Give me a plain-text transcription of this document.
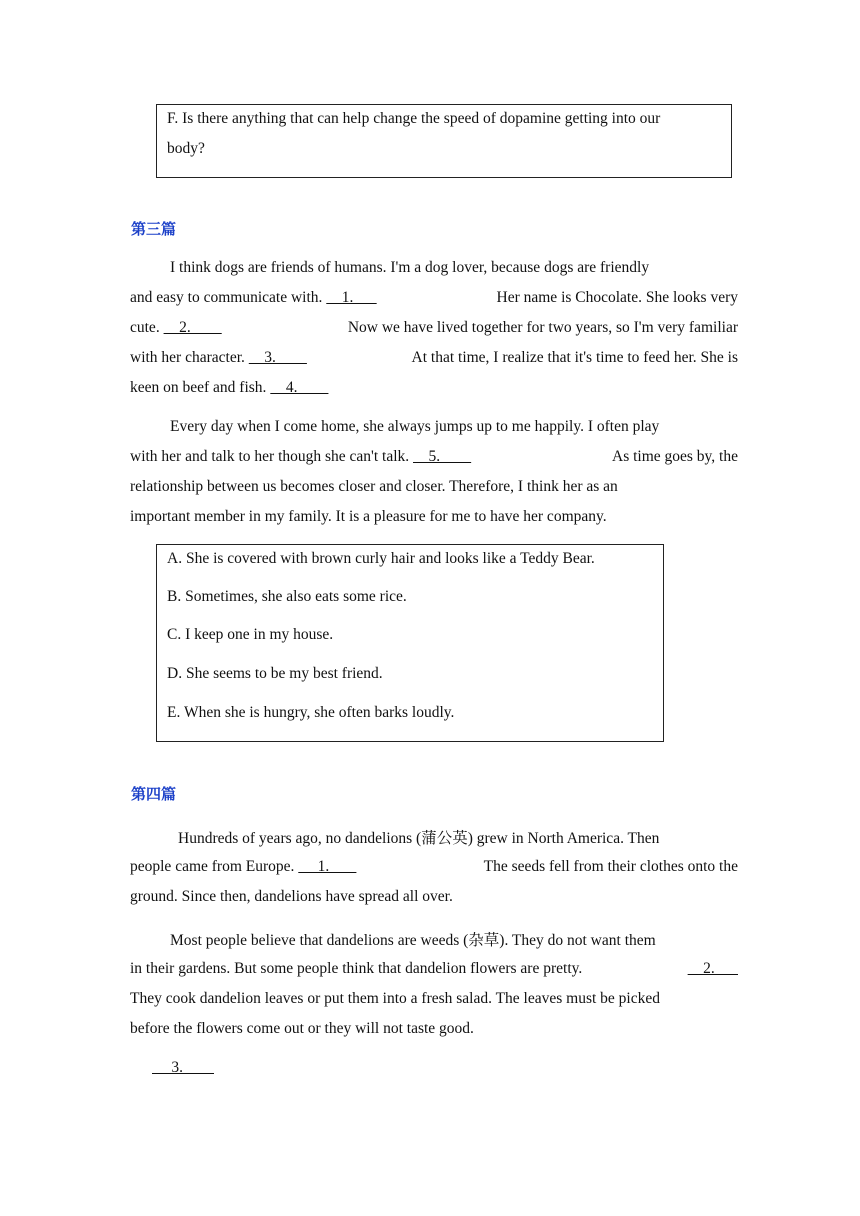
F. Is there anything that can help change the speed of dopamine getting into our
body?
第三篇
I think dogs are friends of humans. I'm a dog lover, because dogs are friendly
and easy to communicate with.     1.	Her name is Chocolate. She looks very
cute.     2.	Now we have lived together for two years, so I'm very familiar
with her character.     3.	At that time, I realize that it's time to feed her. She is
keen on beef and fish.
4.
Every day when I come home, she always jumps up to me happily. I often play
with her and talk to her though she can't talk.     5.	As time goes by, the
relationship between us becomes closer and closer. Therefore, I think her as an
important member in my family. It is a pleasure for me to have her company.
A. She is covered with brown curly hair and looks like a Teddy Bear.
B. Sometimes, she also eats some rice.
C. I keep one in my house.
D. She seems to be my best friend.
E. When she is hungry, she often barks loudly.
第四篇
Hundreds of years ago, no dandelions (蒲公英) grew in North America. Then
people came from Europe.      1.	The seeds fell from their clothes onto the
ground. Since then, dandelions have spread all over.
Most people believe that dandelions are weeds (杂草). They do not want them
in their gardens. But some people think that dandelion flowers are pretty.	2.
They cook dandelion leaves or put them into a fresh salad. The leaves must be picked
before the flowers come out or they will not taste good.
3.
